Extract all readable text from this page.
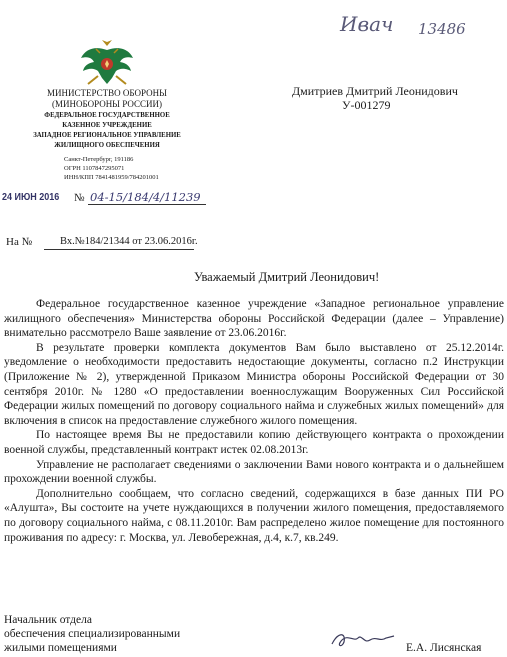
Ивач 13486
МИНИСТЕРСТВО ОБОРОНЫ
(МИНОБОРОНЫ РОССИИ)
ФЕДЕРАЛЬНОЕ ГОСУДАРСТВЕННОЕ
КАЗЕННОЕ УЧРЕЖДЕНИЕ
ЗАПАДНОЕ РЕГИОНАЛЬНОЕ УПРАВЛЕНИЕ
ЖИЛИЩНОГО ОБЕСПЕЧЕНИЯ
Санкт-Петербург, 191186
ОГРН 1107847295071
ИНН/КПП 7841481959/784201001
24 ИЮН 2016 № 04-15/184/4/11239
На №	Вх.№184/21344 от 23.06.2016г.
Дмитриев Дмитрий Леонидович
У-001279
Уважаемый Дмитрий Леонидович!

Федеральное государственное казенное учреждение «Западное региональное управление жилищного обеспечения» Министерства обороны Российской Федерации (далее – Управление) внимательно рассмотрело Ваше заявление от 23.06.2016г.

В результате проверки комплекта документов Вам было выставлено от 25.12.2014г. уведомление о необходимости предоставить недостающие документы, согласно п.2 Инструкции (Приложение № 2), утвержденной Приказом Министра обороны Российской Федерации от 30 сентября 2010г. № 1280 «О предоставлении военнослужащим Вооруженных Сил Российской Федерации жилых помещений по договору социального найма и служебных жилых помещений» для включения в список на предоставление служебного жилого помещения.

По настоящее время Вы не предоставили копию действующего контракта о прохождении военной службы, представленный контракт истек 02.08.2013г.

Управление не располагает сведениями о заключении Вами нового контракта и о дальнейшем прохождении военной службы.

Дополнительно сообщаем, что согласно сведений, содержащихся в базе данных ПИ РО «Алушта», Вы состоите на учете нуждающихся в получении жилого помещения, предоставляемого по договору социального найма, с 08.11.2010г. Вам распределено жилое помещение для постоянного проживания по адресу: г. Москва, ул. Левобережная, д.4, к.7, кв.249.

Начальник отдела
обеспечения специализированными
жилыми помещениями	Е.А. Лисянская
